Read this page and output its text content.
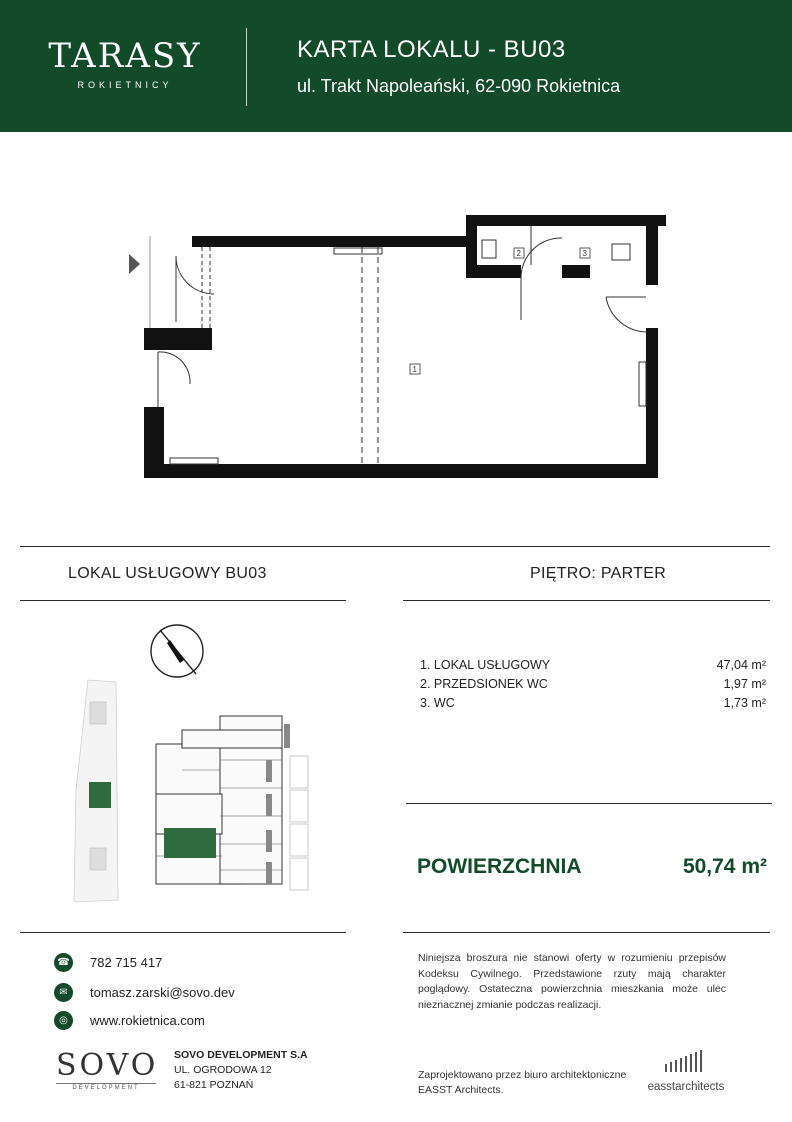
TARASY
ROKIETNICY
KARTA LOKALU - BU03
ul. Trakt Napoleański, 62-090 Rokietnica
1
2	3
LOKAL USŁUGOWY BU03	PIĘTRO: PARTER
1. LOKAL USŁUGOWY	47,04 m²
2. PRZEDSIONEK WC	1,97 m²
3. WC	1,73 m²
POWIERZCHNIA	50,74 m²
☎ 782 715 417
✉	tomasz.zarski@sovo.dev
◎	www.rokietnica.com
Niniejsza broszura nie stanowi oferty w rozumieniu przepisów Kodeksu Cywilnego. Przedstawione rzuty mają charakter poglądowy. Ostateczna powierzchnia mieszkania może ulec nieznacznej zmianie podczas realizacji.
SOVO
DEVELOPMENT
SOVO DEVELOPMENT S.A
UL. OGRODOWA 12
61-821 POZNAŃ
Zaprojektowano przez biuro architektoniczne EASST Architects.	easstarchitects
